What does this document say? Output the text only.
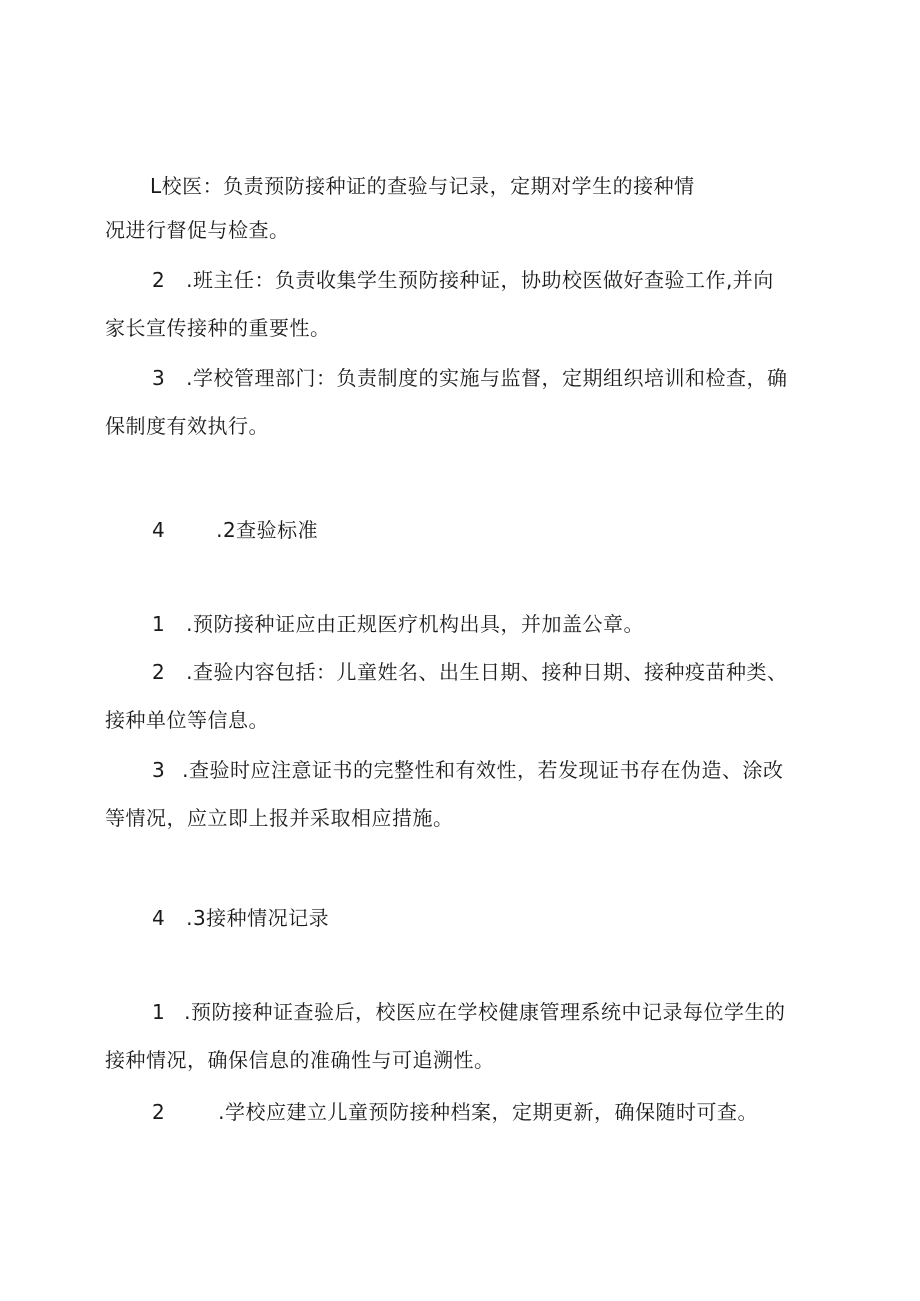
L校医：负责预防接种证的查验与记录，定期对学生的接种情
况进行督促与检查。
2 .班主任：负责收集学生预防接种证，协助校医做好查验工作,并向
家长宣传接种的重要性。
3 .学校管理部门：负责制度的实施与监督，定期组织培训和检查，确
保制度有效执行。
4	.2查验标准
1 .预防接种证应由正规医疗机构出具，并加盖公章。
2 .查验内容包括：儿童姓名、出生日期、接种日期、接种疫苗种类、
接种单位等信息。
3 .查验时应注意证书的完整性和有效性，若发现证书存在伪造、涂改
等情况，应立即上报并采取相应措施。
4 .3接种情况记录
1 .预防接种证查验后，校医应在学校健康管理系统中记录每位学生的
接种情况，确保信息的准确性与可追溯性。
2	.学校应建立儿童预防接种档案，定期更新，确保随时可查。
